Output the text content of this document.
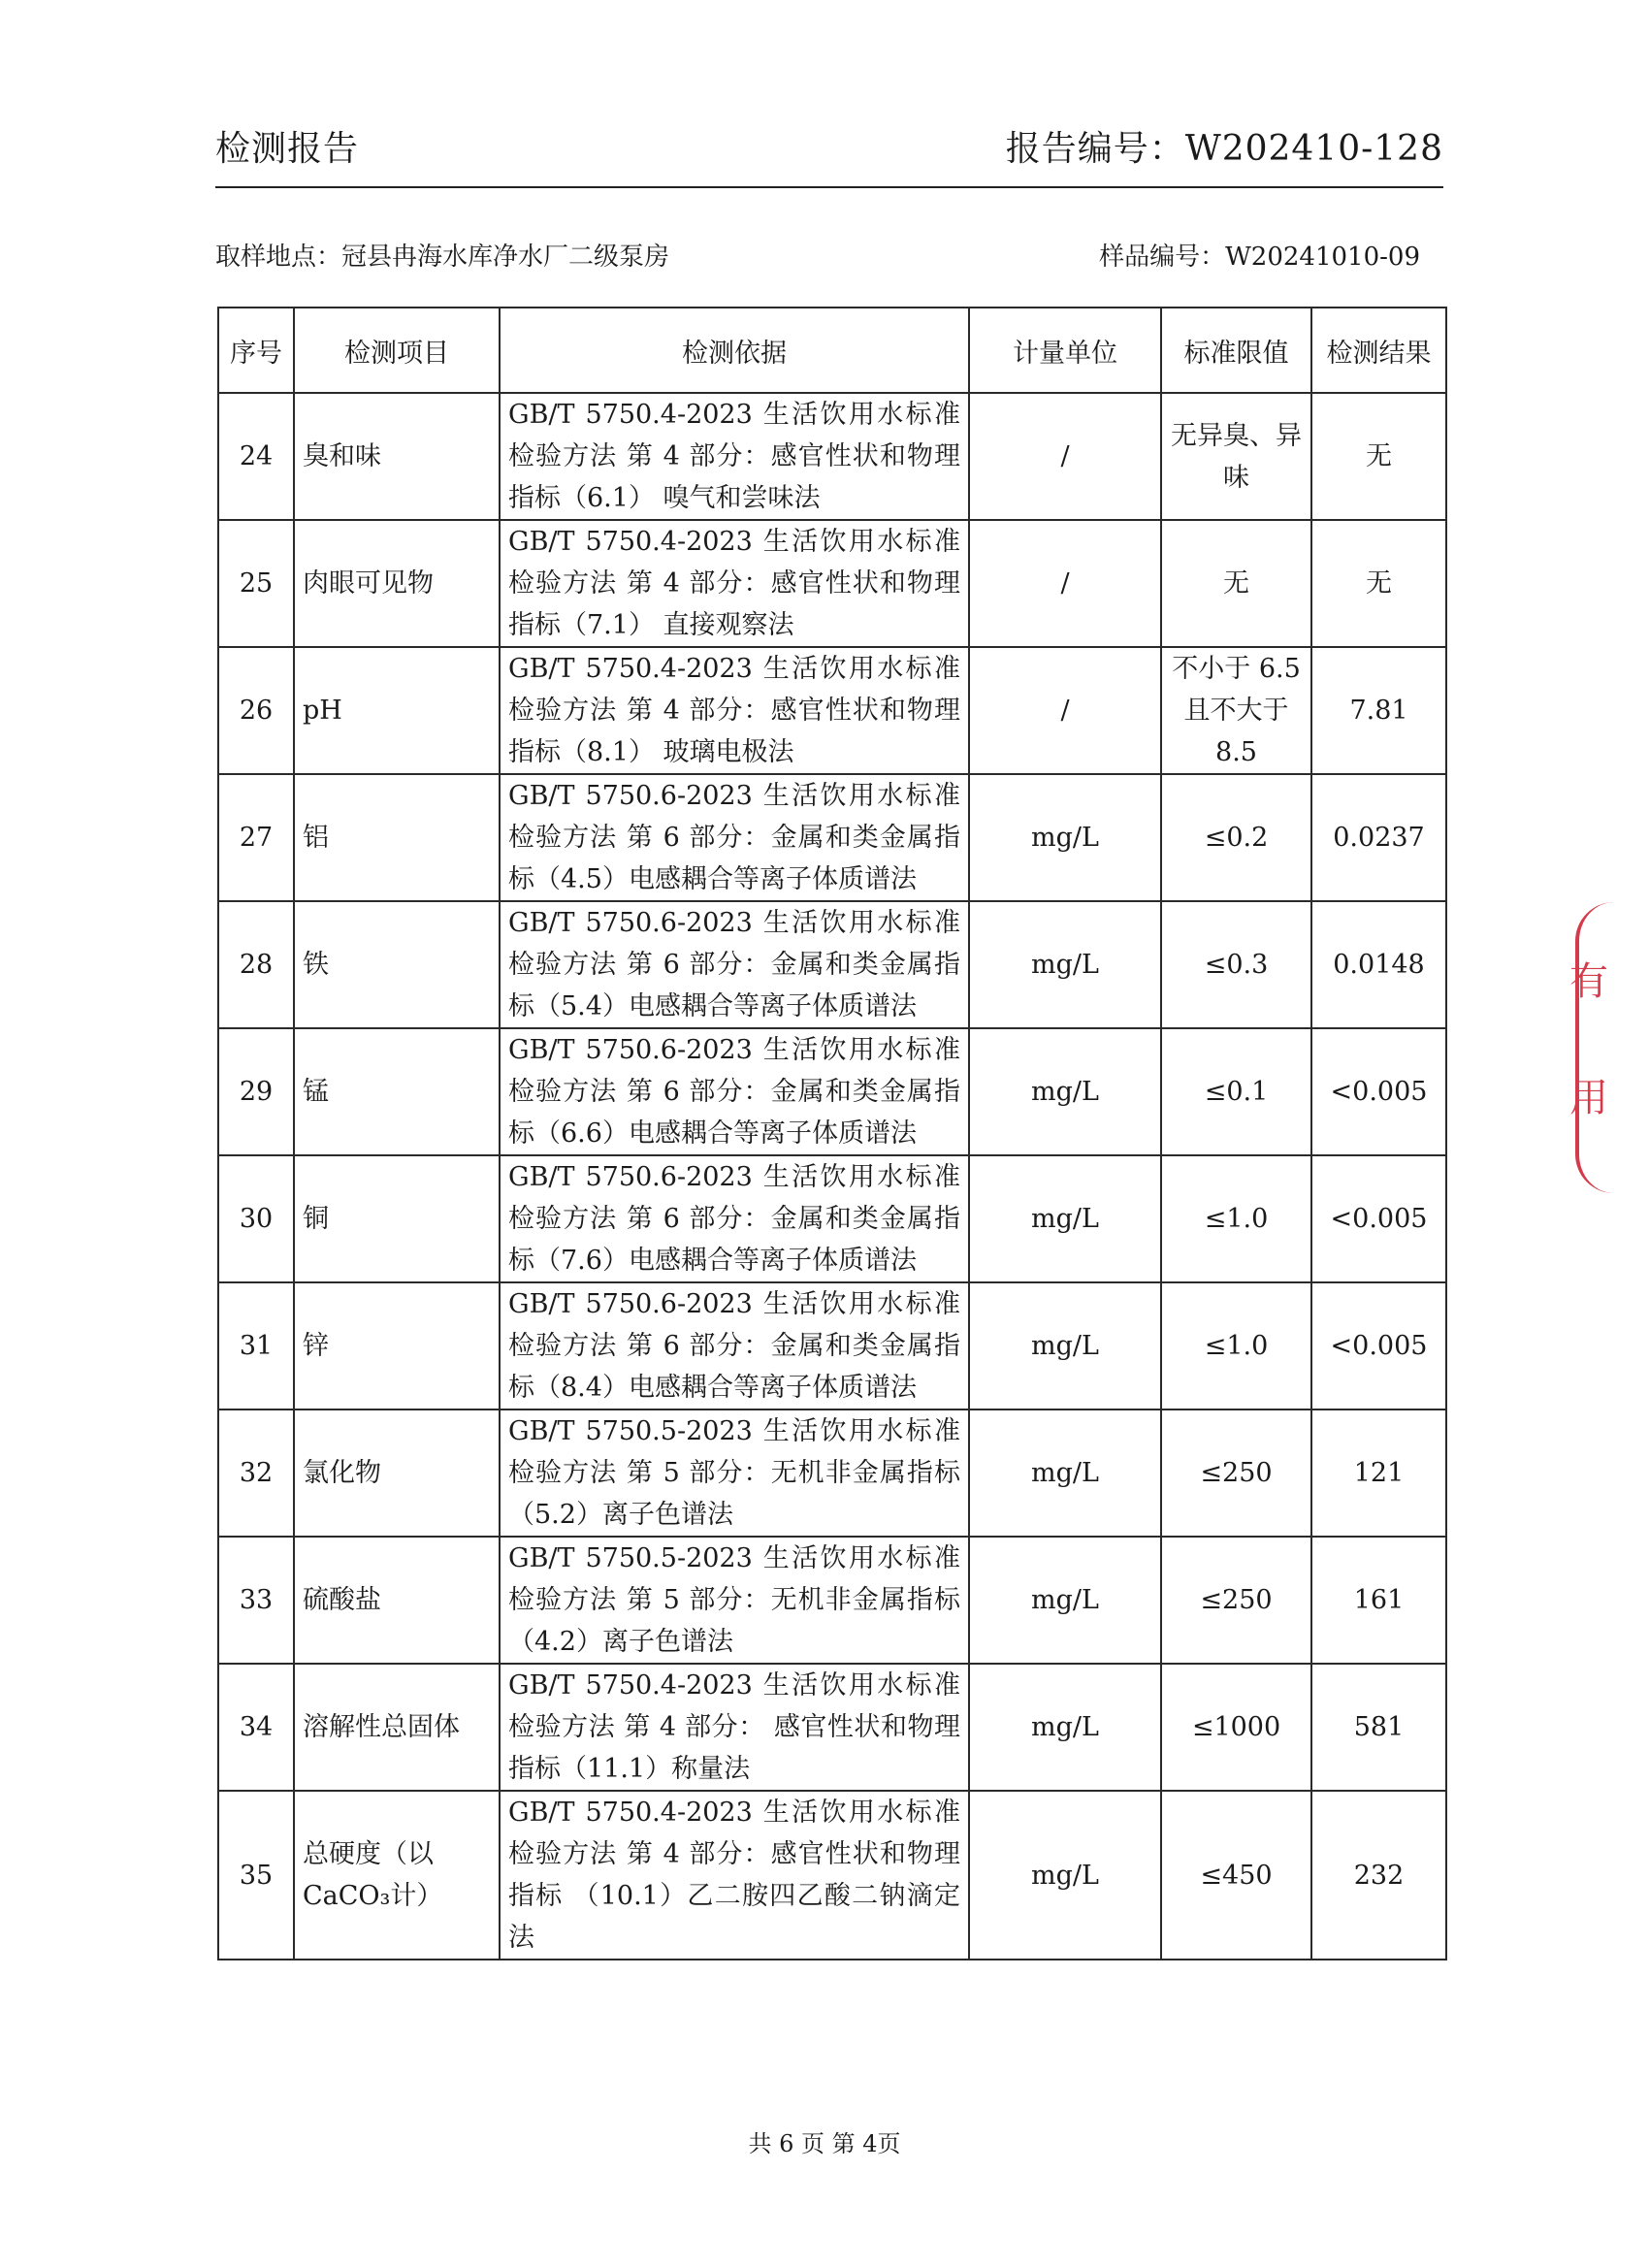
检测报告	报告编号：W202410-128
取样地点：冠县冉海水库净水厂二级泵房	样品编号：W20241010-09
序号	检测项目	检测依据	计量单位	标准限值	检测结果
24	臭和味	GB/T 5750.4-2023 生活饮用水标准检验方法 第 4 部分：感官性状和物理指标（6.1） 嗅气和尝味法	/	无异臭、异味	无
25	肉眼可见物	GB/T 5750.4-2023 生活饮用水标准检验方法 第 4 部分：感官性状和物理指标（7.1） 直接观察法	/	无	无
26	pH	GB/T 5750.4-2023 生活饮用水标准检验方法 第 4 部分：感官性状和物理指标（8.1） 玻璃电极法	/	不小于 6.5 且不大于 8.5	7.81
27	铝	GB/T 5750.6-2023 生活饮用水标准检验方法 第 6 部分：金属和类金属指标（4.5）电感耦合等离子体质谱法	mg/L	≤0.2	0.0237
28	铁	GB/T 5750.6-2023 生活饮用水标准检验方法 第 6 部分：金属和类金属指标（5.4）电感耦合等离子体质谱法	mg/L	≤0.3	0.0148
29	锰	GB/T 5750.6-2023 生活饮用水标准检验方法 第 6 部分：金属和类金属指标（6.6）电感耦合等离子体质谱法	mg/L	≤0.1	<0.005
30	铜	GB/T 5750.6-2023 生活饮用水标准检验方法 第 6 部分：金属和类金属指标（7.6）电感耦合等离子体质谱法	mg/L	≤1.0	<0.005
31	锌	GB/T 5750.6-2023 生活饮用水标准检验方法 第 6 部分：金属和类金属指标（8.4）电感耦合等离子体质谱法	mg/L	≤1.0	<0.005
32	氯化物	GB/T 5750.5-2023 生活饮用水标准检验方法 第 5 部分：无机非金属指标（5.2）离子色谱法	mg/L	≤250	121
33	硫酸盐	GB/T 5750.5-2023 生活饮用水标准检验方法 第 5 部分：无机非金属指标（4.2）离子色谱法	mg/L	≤250	161
34	溶解性总固体	GB/T 5750.4-2023 生活饮用水标准检验方法 第 4 部分： 感官性状和物理指标（11.1）称量法	mg/L	≤1000	581
35	总硬度（以CaCO₃计）	GB/T 5750.4-2023 生活饮用水标准检验方法 第 4 部分：感官性状和物理指标 （10.1）乙二胺四乙酸二钠滴定法	mg/L	≤450	232
有
用
共 6 页 第 4页
